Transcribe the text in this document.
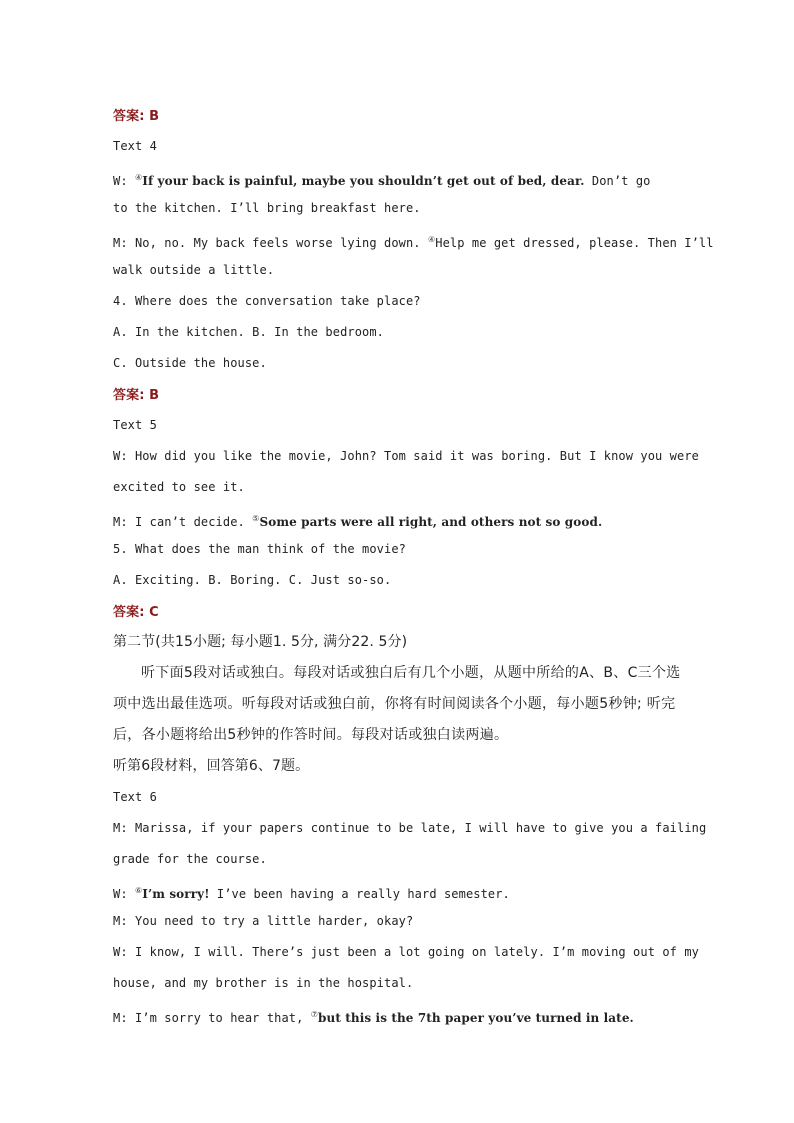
答案: B
Text 4
W: ④If your back is painful, maybe you shouldn’t get out of bed, dear. Don’t go
to the kitchen. I’ll bring breakfast here.
M: No, no. My back feels worse lying down. ④Help me get dressed, please. Then I’ll
walk outside a little.
4. Where does the conversation take place?
A. In the kitchen. B. In the bedroom.
C. Outside the house.
答案: B
Text 5
W: How did you like the movie, John? Tom said it was boring. But I know you were
excited to see it.
M: I can’t decide. ⑤Some parts were all right, and others not so good.
5. What does the man think of the movie?
A. Exciting. B. Boring. C. Just so-so.
答案: C
第二节(共15小题; 每小题1. 5分, 满分22. 5分)
听下面5段对话或独白。每段对话或独白后有几个小题，从题中所给的A、B、C三个选项中选出最佳选项。听每段对话或独白前，你将有时间阅读各个小题，每小题5秒钟; 听完后，各小题将给出5秒钟的作答时间。每段对话或独白读两遍。
听第6段材料，回答第6、7题。
Text 6
M: Marissa, if your papers continue to be late, I will have to give you a failing
grade for the course.
W: ⑥I’m sorry! I’ve been having a really hard semester.
M: You need to try a little harder, okay?
W: I know, I will. There’s just been a lot going on lately. I’m moving out of my
house, and my brother is in the hospital.
M: I’m sorry to hear that, ⑦but this is the 7th paper you’ve turned in late.
